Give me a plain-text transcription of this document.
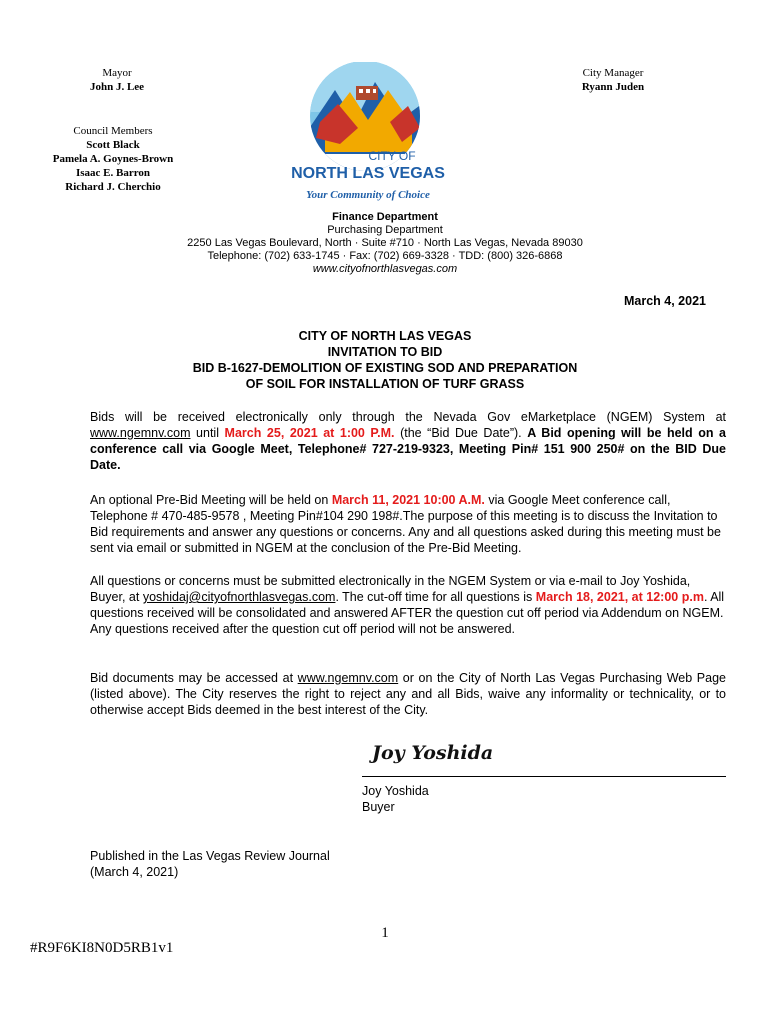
Mayor
John J. Lee
City Manager
Ryann Juden
Council Members
Scott Black
Pamela A. Goynes-Brown
Isaac E. Barron
Richard J. Cherchio
CITY OF
NORTH LAS VEGAS
Your Community of Choice
Finance Department
Purchasing Department
2250 Las Vegas Boulevard, North · Suite #710 · North Las Vegas, Nevada 89030
Telephone: (702) 633-1745 · Fax: (702) 669-3328 · TDD: (800) 326-6868
www.cityofnorthlasvegas.com
March 4, 2021
CITY OF NORTH LAS VEGAS
INVITATION TO BID
BID B-1627-DEMOLITION OF EXISTING SOD AND PREPARATION
OF SOIL FOR INSTALLATION OF TURF GRASS
Bids will be received electronically only through the Nevada Gov eMarketplace (NGEM) System at www.ngemnv.com until March 25, 2021 at 1:00 P.M. (the “Bid Due Date”). A Bid opening will be held on a conference call via Google Meet, Telephone# 727-219-9323, Meeting Pin# 151 900 250# on the BID Due Date.
An optional Pre-Bid Meeting will be held on March 11, 2021 10:00 A.M. via Google Meet conference call, Telephone # 470-485-9578 , Meeting Pin#104 290 198#.The purpose of this meeting is to discuss the Invitation to Bid requirements and answer any questions or concerns. Any and all questions asked during this meeting must be sent via email or submitted in NGEM at the conclusion of the Pre-Bid Meeting.
All questions or concerns must be submitted electronically in the NGEM System or via e-mail to Joy Yoshida, Buyer, at yoshidaj@cityofnorthlasvegas.com. The cut-off time for all questions is March 18, 2021, at 12:00 p.m. All questions received will be consolidated and answered AFTER the question cut off period via Addendum on NGEM. Any questions received after the question cut off period will not be answered.
Bid documents may be accessed at www.ngemnv.com or on the City of North Las Vegas Purchasing Web Page (listed above). The City reserves the right to reject any and all Bids, waive any informality or technicality, or to otherwise accept Bids deemed in the best interest of the City.
Joy Yoshida
Joy Yoshida
Buyer
Published in the Las Vegas Review Journal
(March 4, 2021)
1
#R9F6KI8N0D5RB1v1
